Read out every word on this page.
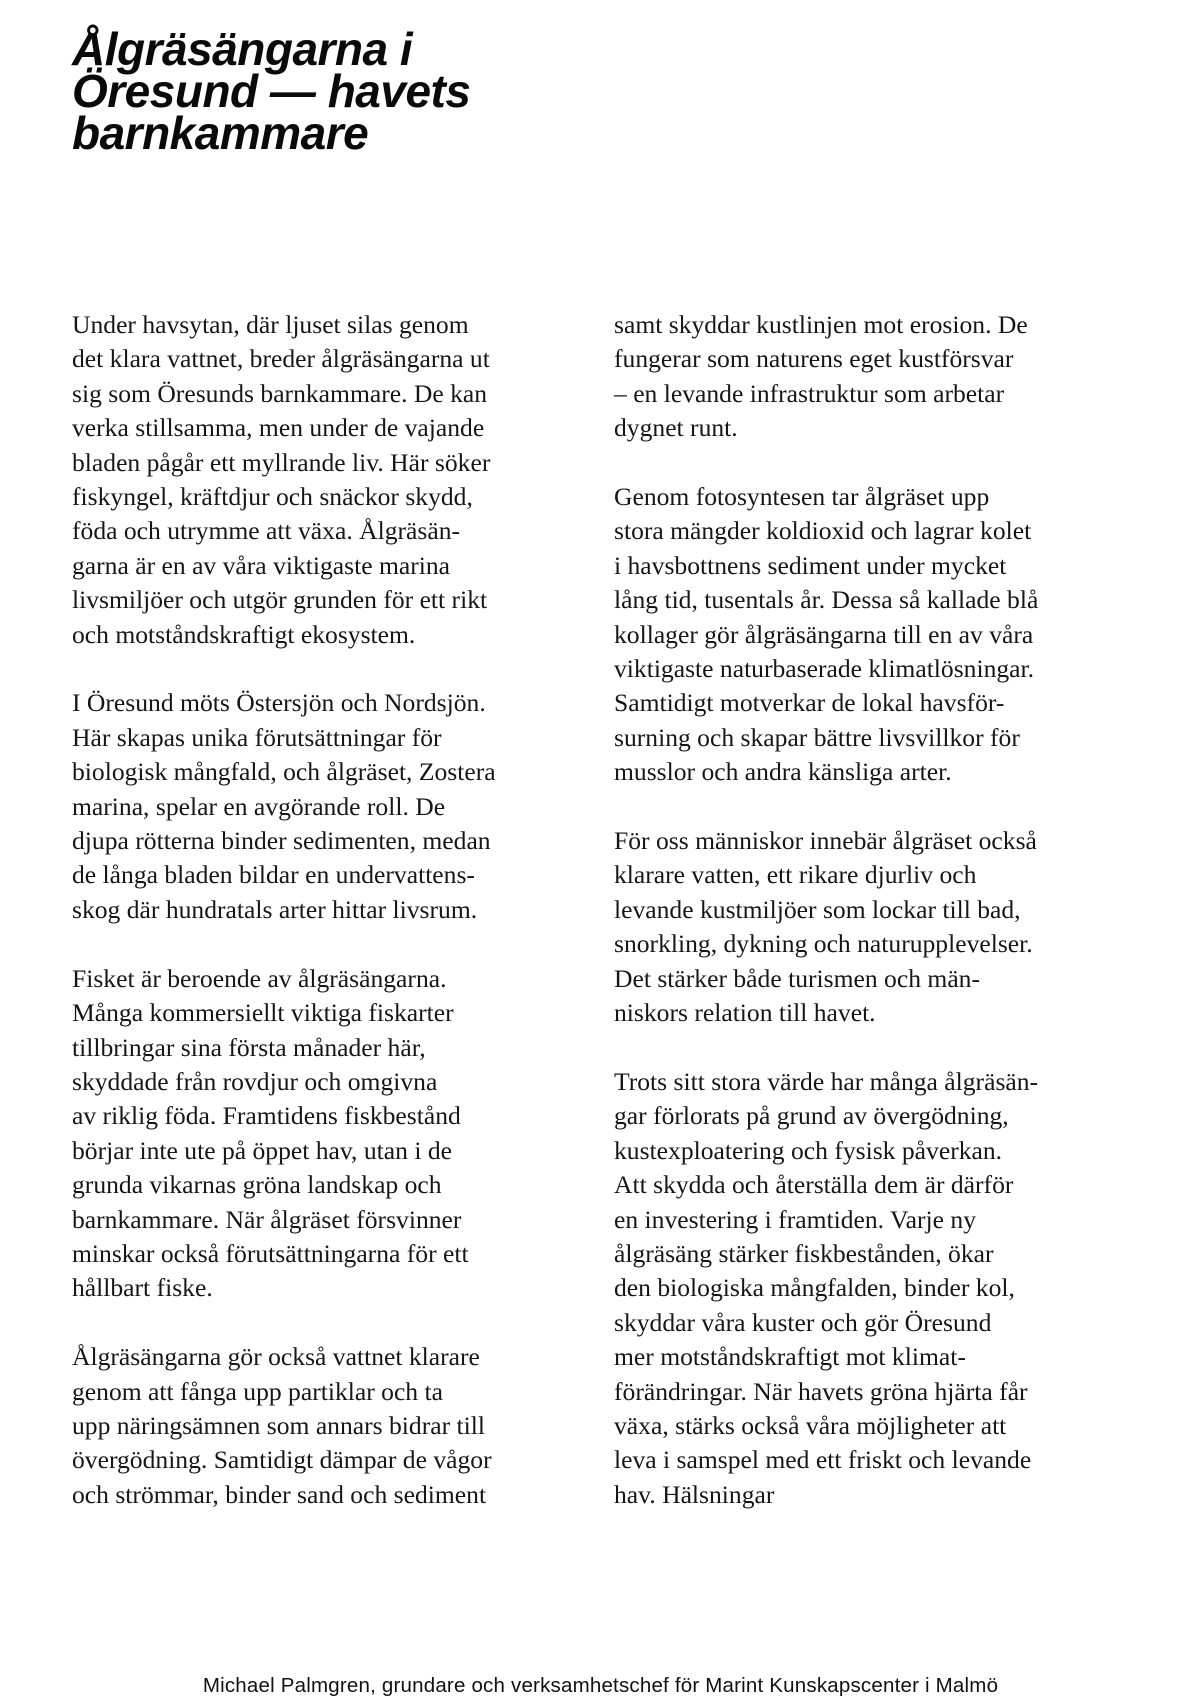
Ålgräsängarna i
Öresund — havets
barnkammare

Under havsytan, där ljuset silas genom
det klara vattnet, breder ålgräsängarna ut
sig som Öresunds barnkammare. De kan
verka stillsamma, men under de vajande
bladen pågår ett myllrande liv. Här söker
fiskyngel, kräftdjur och snäckor skydd,
föda och utrymme att växa. Ålgräsän-
garna är en av våra viktigaste marina
livsmiljöer och utgör grunden för ett rikt
och motståndskraftigt ekosystem.

I Öresund möts Östersjön och Nordsjön.
Här skapas unika förutsättningar för
biologisk mångfald, och ålgräset, Zostera
marina, spelar en avgörande roll. De
djupa rötterna binder sedimenten, medan
de långa bladen bildar en undervattens-
skog där hundratals arter hittar livsrum.

Fisket är beroende av ålgräsängarna.
Många kommersiellt viktiga fiskarter
tillbringar sina första månader här,
skyddade från rovdjur och omgivna
av riklig föda. Framtidens fiskbestånd
börjar inte ute på öppet hav, utan i de
grunda vikarnas gröna landskap och
barnkammare. När ålgräset försvinner
minskar också förutsättningarna för ett
hållbart fiske.

Ålgräsängarna gör också vattnet klarare
genom att fånga upp partiklar och ta
upp näringsämnen som annars bidrar till
övergödning. Samtidigt dämpar de vågor
och strömmar, binder sand och sediment

samt skyddar kustlinjen mot erosion. De
fungerar som naturens eget kustförsvar
– en levande infrastruktur som arbetar
dygnet runt.

Genom fotosyntesen tar ålgräset upp
stora mängder koldioxid och lagrar kolet
i havsbottnens sediment under mycket
lång tid, tusentals år. Dessa så kallade blå
kollager gör ålgräsängarna till en av våra
viktigaste naturbaserade klimatlösningar.
Samtidigt motverkar de lokal havsför-
surning och skapar bättre livsvillkor för
musslor och andra känsliga arter.

För oss människor innebär ålgräset också
klarare vatten, ett rikare djurliv och
levande kustmiljöer som lockar till bad,
snorkling, dykning och naturupplevelser.
Det stärker både turismen och män-
niskors relation till havet.

Trots sitt stora värde har många ålgräsän-
gar förlorats på grund av övergödning,
kustexploatering och fysisk påverkan.
Att skydda och återställa dem är därför
en investering i framtiden. Varje ny
ålgräsäng stärker fiskbestånden, ökar
den biologiska mångfalden, binder kol,
skyddar våra kuster och gör Öresund
mer motståndskraftigt mot klimat-
förändringar. När havets gröna hjärta får
växa, stärks också våra möjligheter att
leva i samspel med ett friskt och levande
hav. Hälsningar

Michael Palmgren, grundare och verksamhetschef för Marint Kunskapscenter i Malmö
